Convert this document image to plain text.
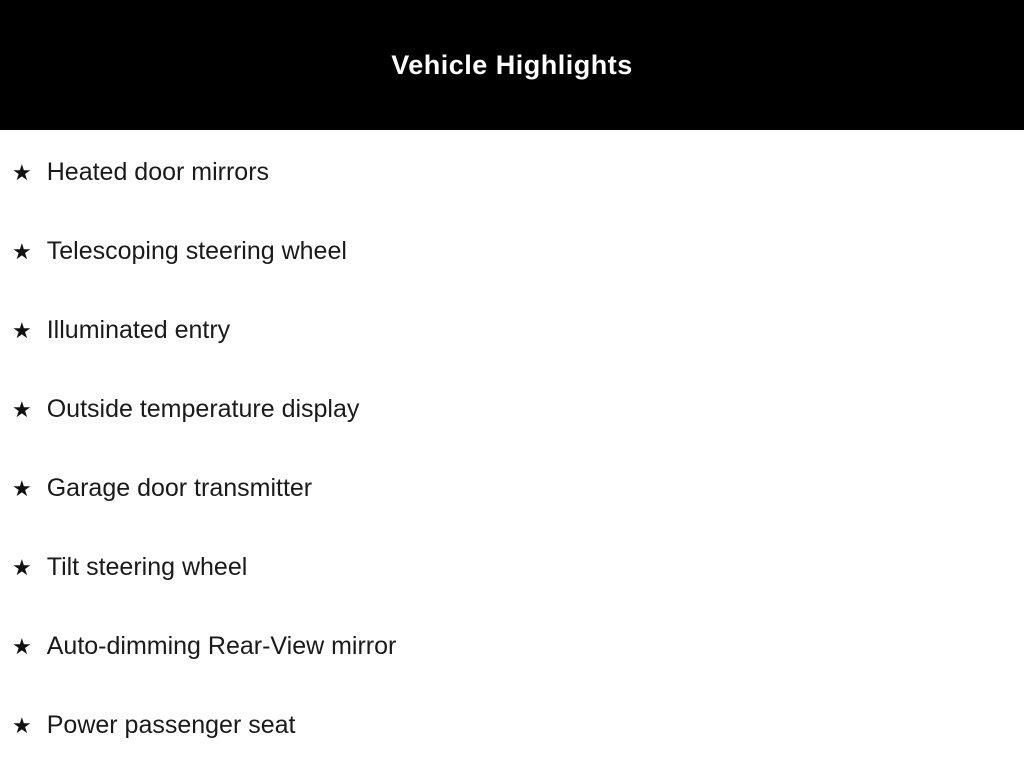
Vehicle Highlights
★ Heated door mirrors
★ Telescoping steering wheel
★ Illuminated entry
★ Outside temperature display
★ Garage door transmitter
★ Tilt steering wheel
★ Auto-dimming Rear-View mirror
★ Power passenger seat
